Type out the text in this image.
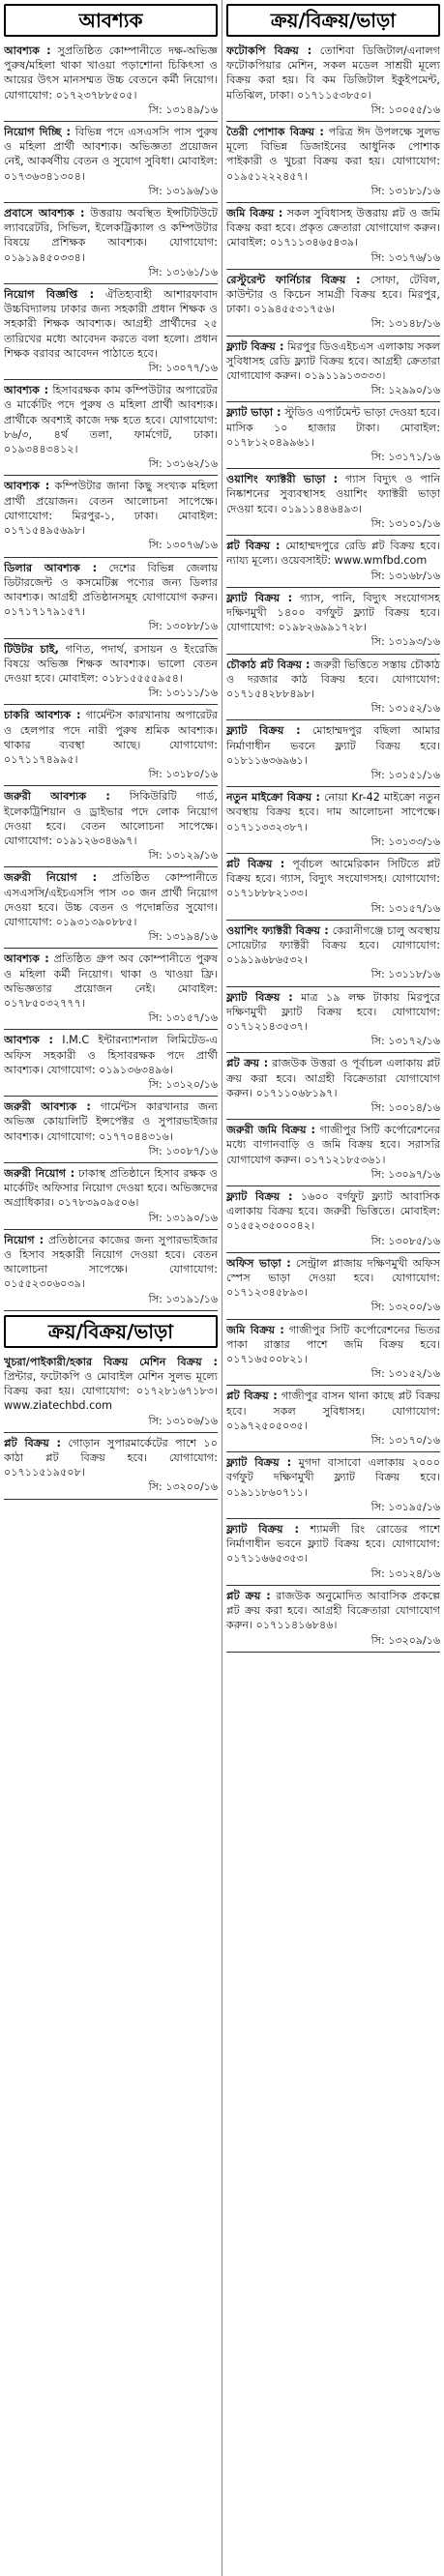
আবশ্যক

আবশ্যক : সুপ্রতিষ্ঠিত কোম্পানীতে দক্ষ-অভিজ্ঞ পুরুষ/মহিলা থাকা খাওয়া পড়াশোনা চিকিৎসা ও আয়ের উৎস মানসম্মত উচ্চ বেতনে কর্মী নিয়োগ। যোগাযোগ: ০১৭২৩৭৮৮৫০৫।
সি: ১৩১৪৯/১৬

নিয়োগ দিচ্ছি : বিভিন্ন পদে এসএসসি পাস পুরুষ ও মহিলা প্রার্থী আবশ্যক। অভিজ্ঞতা প্রয়োজন নেই, আকর্ষণীয় বেতন ও সুযোগ সুবিধা। মোবাইল: ০১৭৩৬৩৪১৩০৪।
সি: ১৩১৯৬/১৬

প্রবাসে আবশ্যক : উত্তরায় অবস্থিত ইন্সটিটিউটে ল্যাবরেটরি, সিভিল, ইলেকট্রিক্যাল ও কম্পিউটার বিষয়ে প্রশিক্ষক আবশ্যক। যোগাযোগ: ০১৯১৯৪৫০৩৩৪।
সি: ১৩১৬১/১৬

নিয়োগ বিজ্ঞপ্তি : ঐতিহ্যবাহী আশারফাবাদ উচ্চবিদ্যালয় ঢাকার জন্য সহকারী প্রধান শিক্ষক ও সহকারী শিক্ষক আবশ্যক। আগ্রহী প্রার্থীদের ২৫ তারিখের মধ্যে আবেদন করতে বলা হলো। প্রধান শিক্ষক বরাবর আবেদন পাঠাতে হবে।
সি: ১৩০৭৭/১৬

আবশ্যক : হিসাবরক্ষক কাম কম্পিউটার অপারেটর ও মার্কেটিং পদে পুরুষ ও মহিলা প্রার্থী আবশ্যক। প্রার্থীকে অবশ্যই কাজে দক্ষ হতে হবে। যোগাযোগ: ৮৬/৩, ৪র্থ তলা, ফার্মগেট, ঢাকা। ০১৯৩৪৪৩৪১২।
সি: ১৩১৬২/১৬

আবশ্যক : কম্পিউটার জানা কিছু সংখ্যক মহিলা প্রার্থী প্রয়োজন। বেতন আলোচনা সাপেক্ষে। যোগাযোগ: মিরপুর-১, ঢাকা। মোবাইল: ০১৭১৫৪৯৫৬৯৮।
সি: ১৩০৭৬/১৬

ডিলার আবশ্যক : দেশের বিভিন্ন জেলায় ডিটারজেন্ট ও কসমেটিক্স পণ্যের জন্য ডিলার আবশ্যক। আগ্রহী প্রতিষ্ঠানসমূহ যোগাযোগ করুন। ০১৭১৭১৭৯১৫৭।
সি: ১৩০৮৮/১৬

টিউটর চাই, গণিত, পদার্থ, রসায়ন ও ইংরেজি বিষয়ে অভিজ্ঞ শিক্ষক আবশ্যক। ভালো বেতন দেওয়া হবে। মোবাইল: ০১৮১৫৫৫৫৯৫৪।
সি: ১৩১১১/১৬

চাকরি আবশ্যক : গার্মেন্টস কারখানায় অপারেটর ও হেলপার পদে নারী পুরুষ শ্রমিক আবশ্যক। থাকার ব্যবস্থা আছে। যোগাযোগ: ০১৭১১৭৪৯৯৫।
সি: ১৩১৮০/১৬

জরুরী আবশ্যক : সিকিউরিটি গার্ড, ইলেকট্রিশিয়ান ও ড্রাইভার পদে লোক নিয়োগ দেওয়া হবে। বেতন আলোচনা সাপেক্ষে। যোগাযোগ: ০১৯১২৬৩৪৬৯৭।
সি: ১৩১২৯/১৬

জরুরী নিয়োগ : প্রতিষ্ঠিত কোম্পানীতে এসএসসি/এইচএসসি পাস ৩০ জন প্রার্থী নিয়োগ দেওয়া হবে। উচ্চ বেতন ও পদোন্নতির সুযোগ। যোগাযোগ: ০১৯৩১৩৯০৮৮৫।
সি: ১৩১৯৪/১৬

আবশ্যক : প্রতিষ্ঠিত গ্রুপ অব কোম্পানীতে পুরুষ ও মহিলা কর্মী নিয়োগ। থাকা ও খাওয়া ফ্রি। অভিজ্ঞতার প্রয়োজন নেই। মোবাইল: ০১৭৮৫০৩২৭৭৭।
সি: ১৩১৫৭/১৬

আবশ্যক : I.M.C ইন্টারন্যাশনাল লিমিটেড-এ অফিস সহকারী ও হিসাবরক্ষক পদে প্রার্থী আবশ্যক। যোগাযোগ: ০১৯১৩৬৩৪৯৬।
সি: ১৩১২০/১৬

জরুরী আবশ্যক : গার্মেন্টস কারখানার জন্য অভিজ্ঞ কোয়ালিটি ইন্সপেক্টর ও সুপারভাইজার আবশ্যক। যোগাযোগ: ০১৭৭০৪৪৩১৬।
সি: ১৩০৮৭/১৬

জরুরী নিয়োগ : ঢাকাস্থ প্রতিষ্ঠানে হিসাব রক্ষক ও মার্কেটিং অফিসার নিয়োগ দেওয়া হবে। অভিজ্ঞদের অগ্রাধিকার। ০১৭৮৩৯০৯৫০৬।
সি: ১৩১৯০/১৬

নিয়োগ : প্রতিষ্ঠানের কাজের জন্য সুপারভাইজার ও হিসাব সহকারী নিয়োগ দেওয়া হবে। বেতন আলোচনা সাপেক্ষে। যোগাযোগ: ০১৫৫২৩০৬০৩৯।
সি: ১৩১৯১/১৬

ক্রয়/বিক্রয়/ভাড়া

খুচরা/পাইকারী/হকার বিক্রয় মেশিন বিক্রয় : প্রিন্টার, ফটোকপি ও মোবাইল মেশিন সুলভ মূল্যে বিক্রয় করা হয়। যোগাযোগ: ০১৭২৮১৬৭১৮৩। www.ziatechbd.com
সি: ১৩১০৬/১৬

প্লট বিক্রয় : গোড়ান সুপারমার্কেটের পাশে ১০ কাঠা প্লট বিক্রয় হবে। যোগাযোগ: ০১৭১১৫১৯৫০৮।
সি: ১৩২০০/১৬

ক্রয়/বিক্রয়/ভাড়া

ফটোকপি বিক্রয় : তোশিবা ডিজিটাল/এনালগ ফটোকপিয়ার মেশিন, সকল মডেল সাশ্রয়ী মূল্যে বিক্রয় করা হয়। বি কম ডিজিটাল ইকুইপমেন্ট, মতিঝিল, ঢাকা। ০১৭১১৫৩৮৫০।
সি: ১৩০৫৫/১৬

তৈরী পোশাক বিক্রয় : পরিত্র ঈদ উপলক্ষে সুলভ মূল্যে বিভিন্ন ডিজাইনের আধুনিক পোশাক পাইকারী ও খুচরা বিক্রয় করা হয়। যোগাযোগ: ০১৯৫১২২২৪৫৭।
সি: ১৩১৮১/১৬

জমি বিক্রয় : সকল সুবিধাসহ উত্তরায় প্লট ও জমি বিক্রয় করা হবে। প্রকৃত ক্রেতারা যোগাযোগ করুন। মোবাইল: ০১৭১১৩৪৬৫৪৩৯।
সি: ১৩১৭৬/১৬

রেস্টুরেন্ট ফার্নিচার বিক্রয় : সোফা, টেবিল, কাউন্টার ও কিচেন সামগ্রী বিক্রয় হবে। মিরপুর, ঢাকা। ০১৯৪৫৫৩১৭৫৬।
সি: ১৩১৪৮/১৬

ফ্ল্যাট বিক্রয় : মিরপুর ডিওএইচএস এলাকায় সকল সুবিধাসহ রেডি ফ্ল্যাট বিক্রয় হবে। আগ্রহী ক্রেতারা যোগাযোগ করুন। ০১৯১১৯১৩৩৩৩।
সি: ১২৯৯০/১৬

ফ্ল্যাট ভাড়া : স্টুডিও এপার্টমেন্ট ভাড়া দেওয়া হবে। মাসিক ১০ হাজার টাকা। মোবাইল: ০১৭৮১২০৪৯৯৬১।
সি: ১৩১৭১/১৬

ওয়াশিং ফ্যাক্টরী ভাড়া : গ্যাস বিদ্যুৎ ও পানি নিষ্কাশনের সুব্যবস্থাসহ ওয়াশিং ফ্যাক্টরী ভাড়া দেওয়া হবে। ০১৯১১৪৪৬৪৯৩।
সি: ১৩১০১/১৬

প্লট বিক্রয় : মোহাম্মদপুরে রেডি প্লট বিক্রয় হবে। ন্যায্য মূল্যে। ওয়েবসাইট: www.wmfbd.com
সি: ১৩১৬৮/১৬

ফ্ল্যাট বিক্রয় : গ্যাস, পানি, বিদ্যুৎ সংযোগসহ দক্ষিণমুখী ১৪০০ বর্গফুট ফ্ল্যাট বিক্রয় হবে। যোগাযোগ: ০১৯৮২৬৯৯১৭২৮।
সি: ১৩১৯৩/১৬

চৌকাঠ প্লট বিক্রয় : জরুরী ভিত্তিতে সস্তায় চৌকাঠ ও দরজার কাঠ বিক্রয় হবে। যোগাযোগ: ০১৭১৫৪২৮৮৪৯৮।
সি: ১৩১৫২/১৬

ফ্ল্যাট বিক্রয় : মোহাম্মদপুর বছিলা আমার নির্মাণাধীন ভবনে ফ্ল্যাট বিক্রয় হবে। ০১৮১১৬৩৬৯৬১।
সি: ১৩১৫১/১৬

নতুন মাইক্রো বিক্রয় : নোয়া Kr-42 মাইক্রো নতুন অবস্থায় বিক্রয় হবে। দাম আলোচনা সাপেক্ষে। ০১৭১১৩৩২৩৮৭।
সি: ১৩১৩৩/১৬

প্লট বিক্রয় : পূর্বাচল আমেরিকান সিটিতে প্লট বিক্রয় হবে। গ্যাস, বিদ্যুৎ সংযোগসহ। যোগাযোগ: ০১৭১৮৮৮২১৩৩।
সি: ১৩১৫৭/১৬

ওয়াশিং ফ্যাক্টরী বিক্রয় : কেরানীগঞ্জে চালু অবস্থায় সোয়েটার ফ্যাক্টরী বিক্রয় হবে। যোগাযোগ: ০১৯১৯৬৮৬৫৩২।
সি: ১৩১১৮/১৬

ফ্ল্যাট বিক্রয় : মাত্র ১৯ লক্ষ টাকায় মিরপুরে দক্ষিণমুখী ফ্ল্যাট বিক্রয় হবে। যোগাযোগ: ০১৭১২১৪৩৫৩৭।
সি: ১৩১৭২/১৬

প্লট ক্রয় : রাজউক উত্তরা ও পূর্বাচল এলাকায় প্লট ক্রয় করা হবে। আগ্রহী বিক্রেতারা যোগাযোগ করুন। ০১৭১১০৬৮১৯৭।
সি: ১৩০১৪/১৬

জরুরী জমি বিক্রয় : গাজীপুর সিটি কর্পোরেশনের মধ্যে বাগানবাড়ি ও জমি বিক্রয় হবে। সরাসরি যোগাযোগ করুন। ০১৭১২১৮৫৩৬১।
সি: ১৩০৯৭/১৬

ফ্ল্যাট বিক্রয় : ১৬০০ বর্গফুট ফ্ল্যাট আবাসিক এলাকায় বিক্রয় হবে। জরুরী ভিত্তিতে। মোবাইল: ০১৫৫২৩৫০০০৪২।
সি: ১৩০৮৫/১৬

অফিস ভাড়া : সেন্ট্রাল প্লাজায় দক্ষিণমুখী অফিস স্পেস ভাড়া দেওয়া হবে। যোগাযোগ: ০১৭১২৩৪৫৮৯৩।
সি: ১৩২০০/১৬

জমি বিক্রয় : গাজীপুর সিটি কর্পোরেশনের ভিতর পাকা রাস্তার পাশে জমি বিক্রয় হবে। ০১৭১৬৫০০৮২১।
সি: ১৩১৫২/১৬

প্লট বিক্রয় : গাজীপুর বাসন থানা কাছে প্লট বিক্রয় হবে। সকল সুবিধাসহ। যোগাযোগ: ০১৯৭২৫০৫০৩৫।
সি: ১৩১৭০/১৬

ফ্ল্যাট বিক্রয় : মুগদা বাসাবো এলাকায় ২০০০ বর্গফুট দক্ষিণমুখী ফ্ল্যাট বিক্রয় হবে। ০১৯১১৮৬০৭১১।
সি: ১৩১৯৫/১৬

ফ্ল্যাট বিক্রয় : শ্যামলী রিং রোডের পাশে নির্মাণাধীন ভবনে ফ্ল্যাট বিক্রয় হবে। যোগাযোগ: ০১৭১১৬৬৫৩৫৩।
সি: ১৩১২৪/১৬

প্লট ক্রয় : রাজউক অনুমোদিত আবাসিক প্রকল্পে প্লট ক্রয় করা হবে। আগ্রহী বিক্রেতারা যোগাযোগ করুন। ০১৭১১৪১৬৮৪৬।
সি: ১৩২০৯/১৬
